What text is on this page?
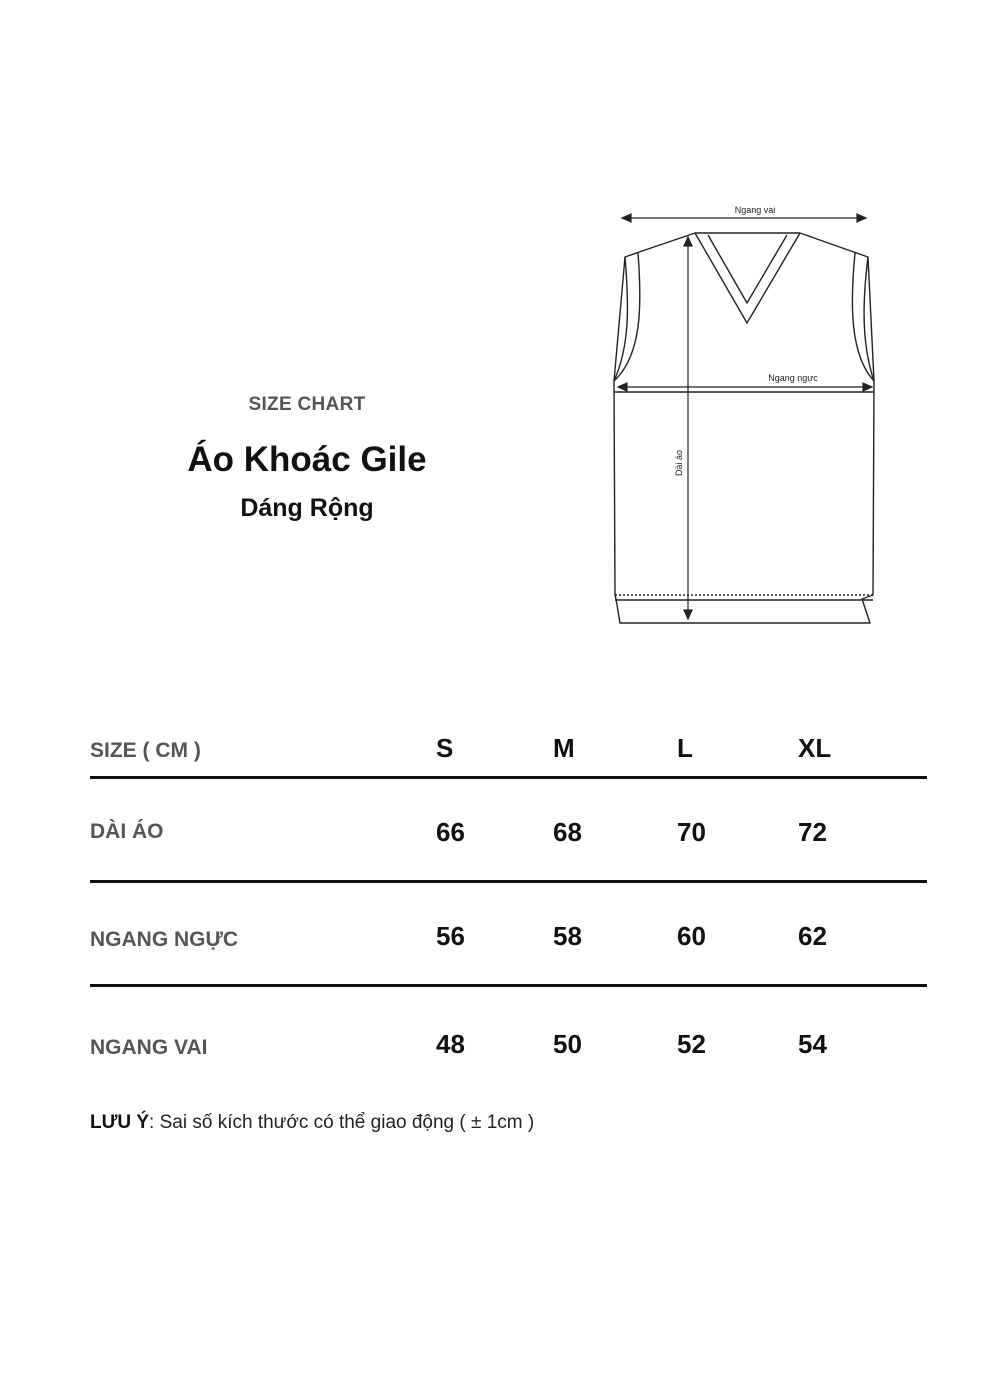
SIZE CHART
Áo Khoác Gile
Dáng Rộng
Ngang vai
Ngang ngực
Dài áo
SIZE ( CM )	S	M	L	XL
DÀI ÁO	66	68	70	72
NGANG NGỰC	56	58	60	62
NGANG VAI	48	50	52	54
LƯU Ý: Sai số kích thước có thể giao động ( ± 1cm )
